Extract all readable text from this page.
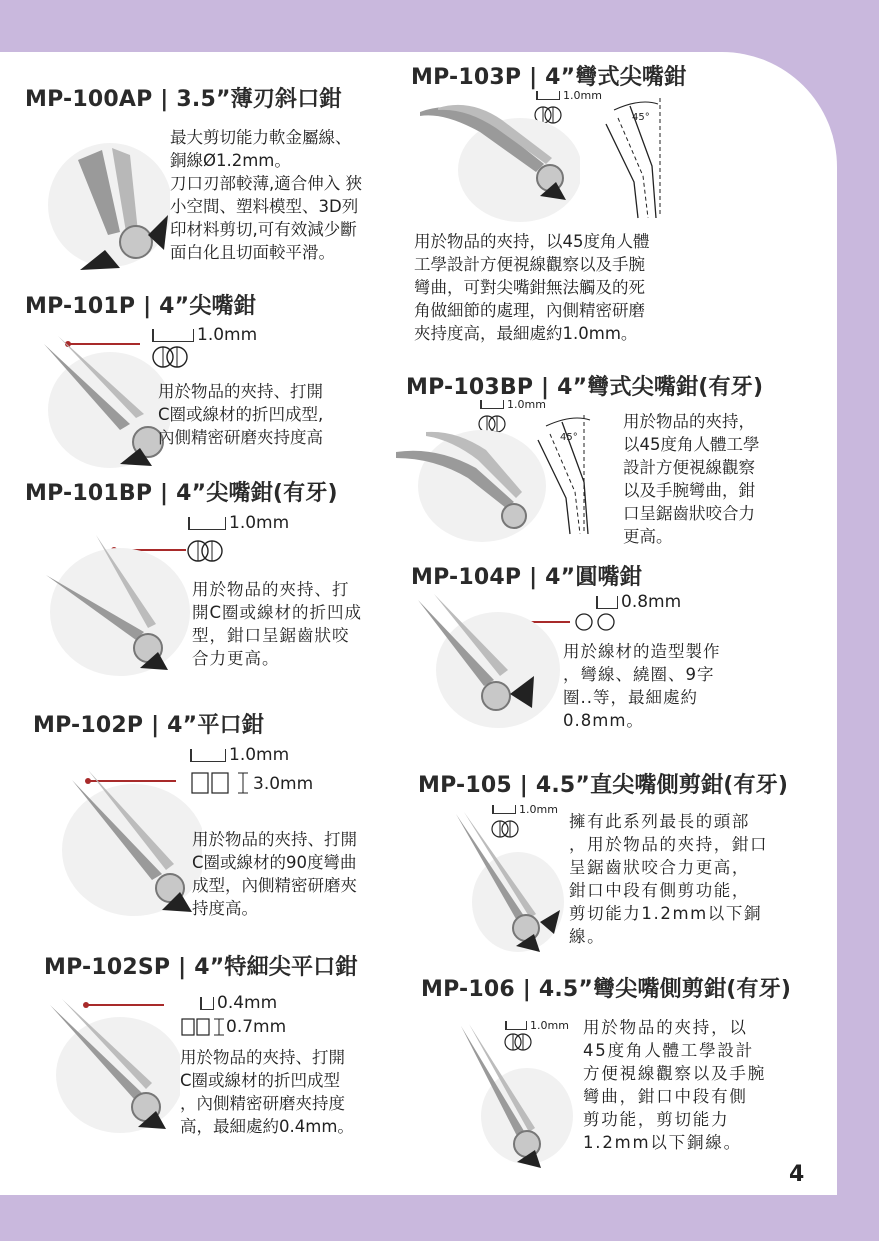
MP-100AP | 3.5”薄刃斜口鉗
最大剪切能力軟金屬線、
銅線Ø1.2mm。
刀口刃部較薄,適合伸入 狹
小空間、塑料模型、3D列
印材料剪切,可有效減少斷
面白化且切面較平滑。
MP-101P | 4”尖嘴鉗
1.0mm
用於物品的夾持、打開
C圈或線材的折凹成型,
內側精密研磨夾持度高
MP-101BP | 4”尖嘴鉗(有牙)
1.0mm
用於物品的夾持、打
開C圈或線材的折凹成
型，鉗口呈鋸齒狀咬
合力更高。
MP-102P | 4”平口鉗
1.0mm
3.0mm
用於物品的夾持、打開
C圈或線材的90度彎曲
成型，內側精密研磨夾
持度高。
MP-102SP | 4”特細尖平口鉗
0.4mm
0.7mm
用於物品的夾持、打開
C圈或線材的折凹成型
，內側精密研磨夾持度
高，最細處約0.4mm。
MP-103P | 4”彎式尖嘴鉗
1.0mm
45°
用於物品的夾持，以45度角人體
工學設計方便視線觀察以及手腕
彎曲，可對尖嘴鉗無法觸及的死
角做細節的處理，內側精密研磨
夾持度高，最細處約1.0mm。
MP-103BP | 4”彎式尖嘴鉗(有牙)
1.0mm
45°
用於物品的夾持，
以45度角人體工學
設計方便視線觀察
以及手腕彎曲，鉗
口呈鋸齒狀咬合力
更高。
MP-104P | 4”圓嘴鉗
0.8mm
用於線材的造型製作
，彎線、繞圈、9字
圈..等，最細處約
0.8mm。
MP-105 | 4.5”直尖嘴側剪鉗(有牙)
1.0mm
擁有此系列最長的頭部
，用於物品的夾持，鉗口
呈鋸齒狀咬合力更高，
鉗口中段有側剪功能，
剪切能力1.2mm以下銅
線。
MP-106 | 4.5”彎尖嘴側剪鉗(有牙)
1.0mm 用於物品的夾持，以
45度角人體工學設計
方便視線觀察以及手腕
彎曲，鉗口中段有側
剪功能，剪切能力
1.2mm以下銅線。
4
